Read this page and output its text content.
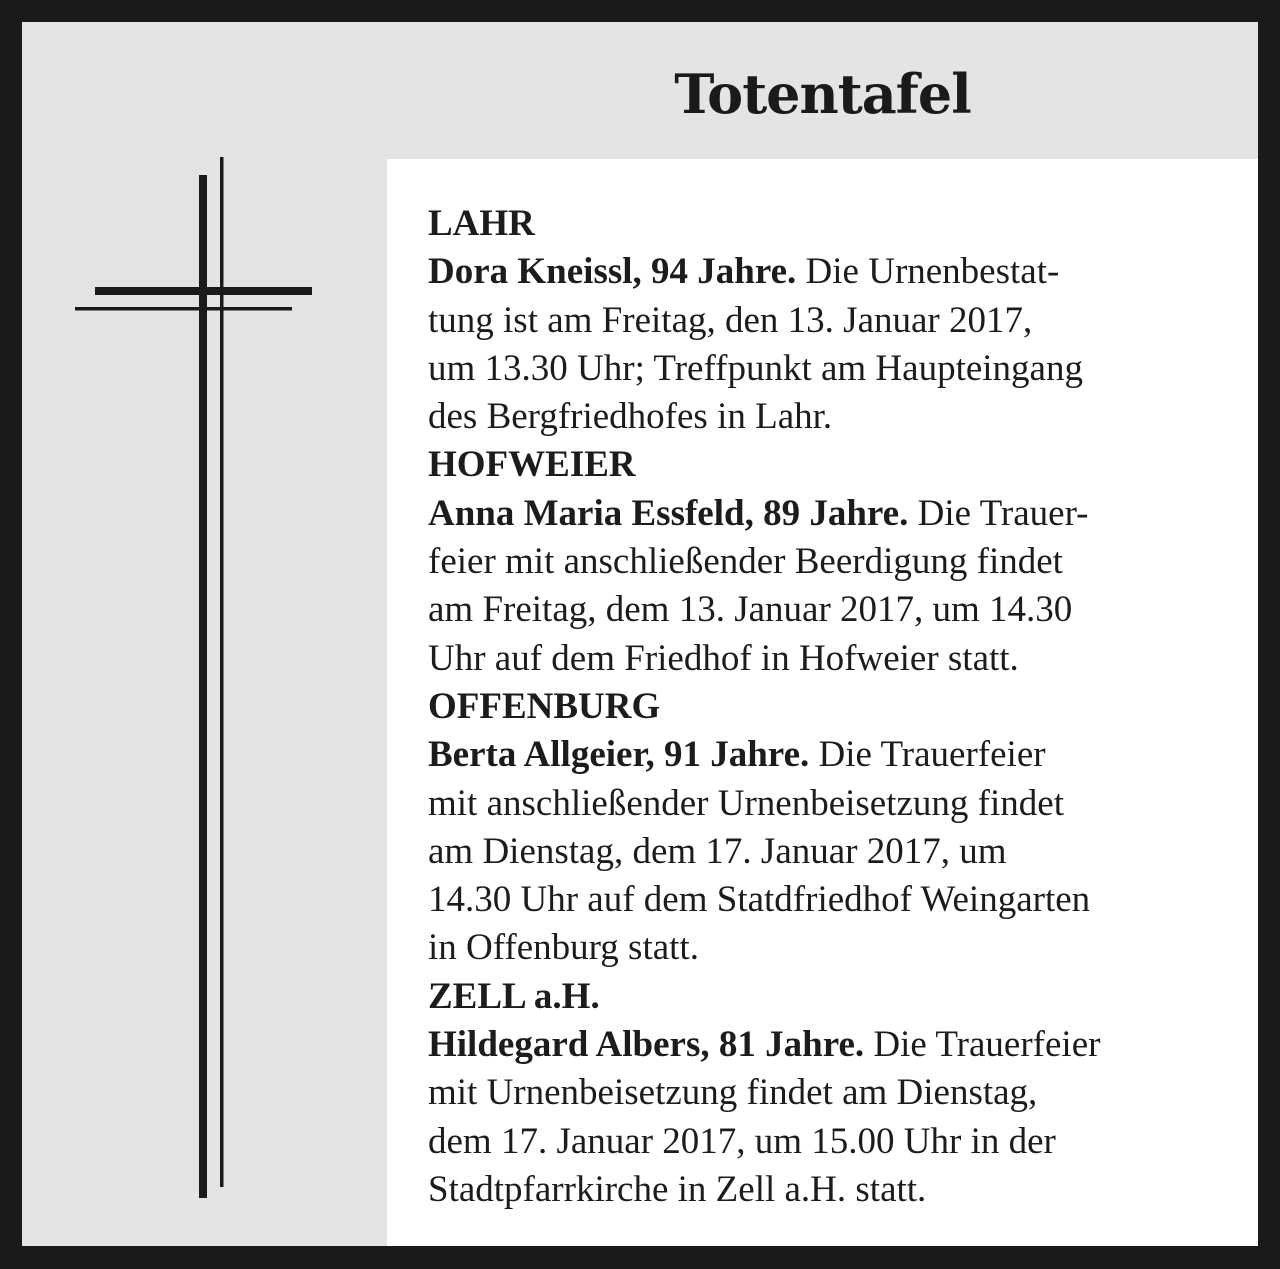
Totentafel
LAHR
Dora Kneissl, 94 Jahre. Die Urnenbestat-
tung ist am Freitag, den 13. Januar 2017,
um 13.30 Uhr; Treffpunkt am Haupteingang
des Bergfriedhofes in Lahr.
HOFWEIER
Anna Maria Essfeld, 89 Jahre. Die Trauer-
feier mit anschließender Beerdigung findet
am Freitag, dem 13. Januar 2017, um 14.30
Uhr auf dem Friedhof in Hofweier statt.
OFFENBURG
Berta Allgeier, 91 Jahre. Die Trauerfeier
mit anschließender Urnenbeisetzung findet
am Dienstag, dem 17. Januar 2017, um
14.30 Uhr auf dem Statdfriedhof Weingarten
in Offenburg statt.
ZELL a.H.
Hildegard Albers, 81 Jahre. Die Trauerfeier
mit Urnenbeisetzung findet am Dienstag,
dem 17. Januar 2017, um 15.00 Uhr in der
Stadtpfarrkirche in Zell a.H. statt.
